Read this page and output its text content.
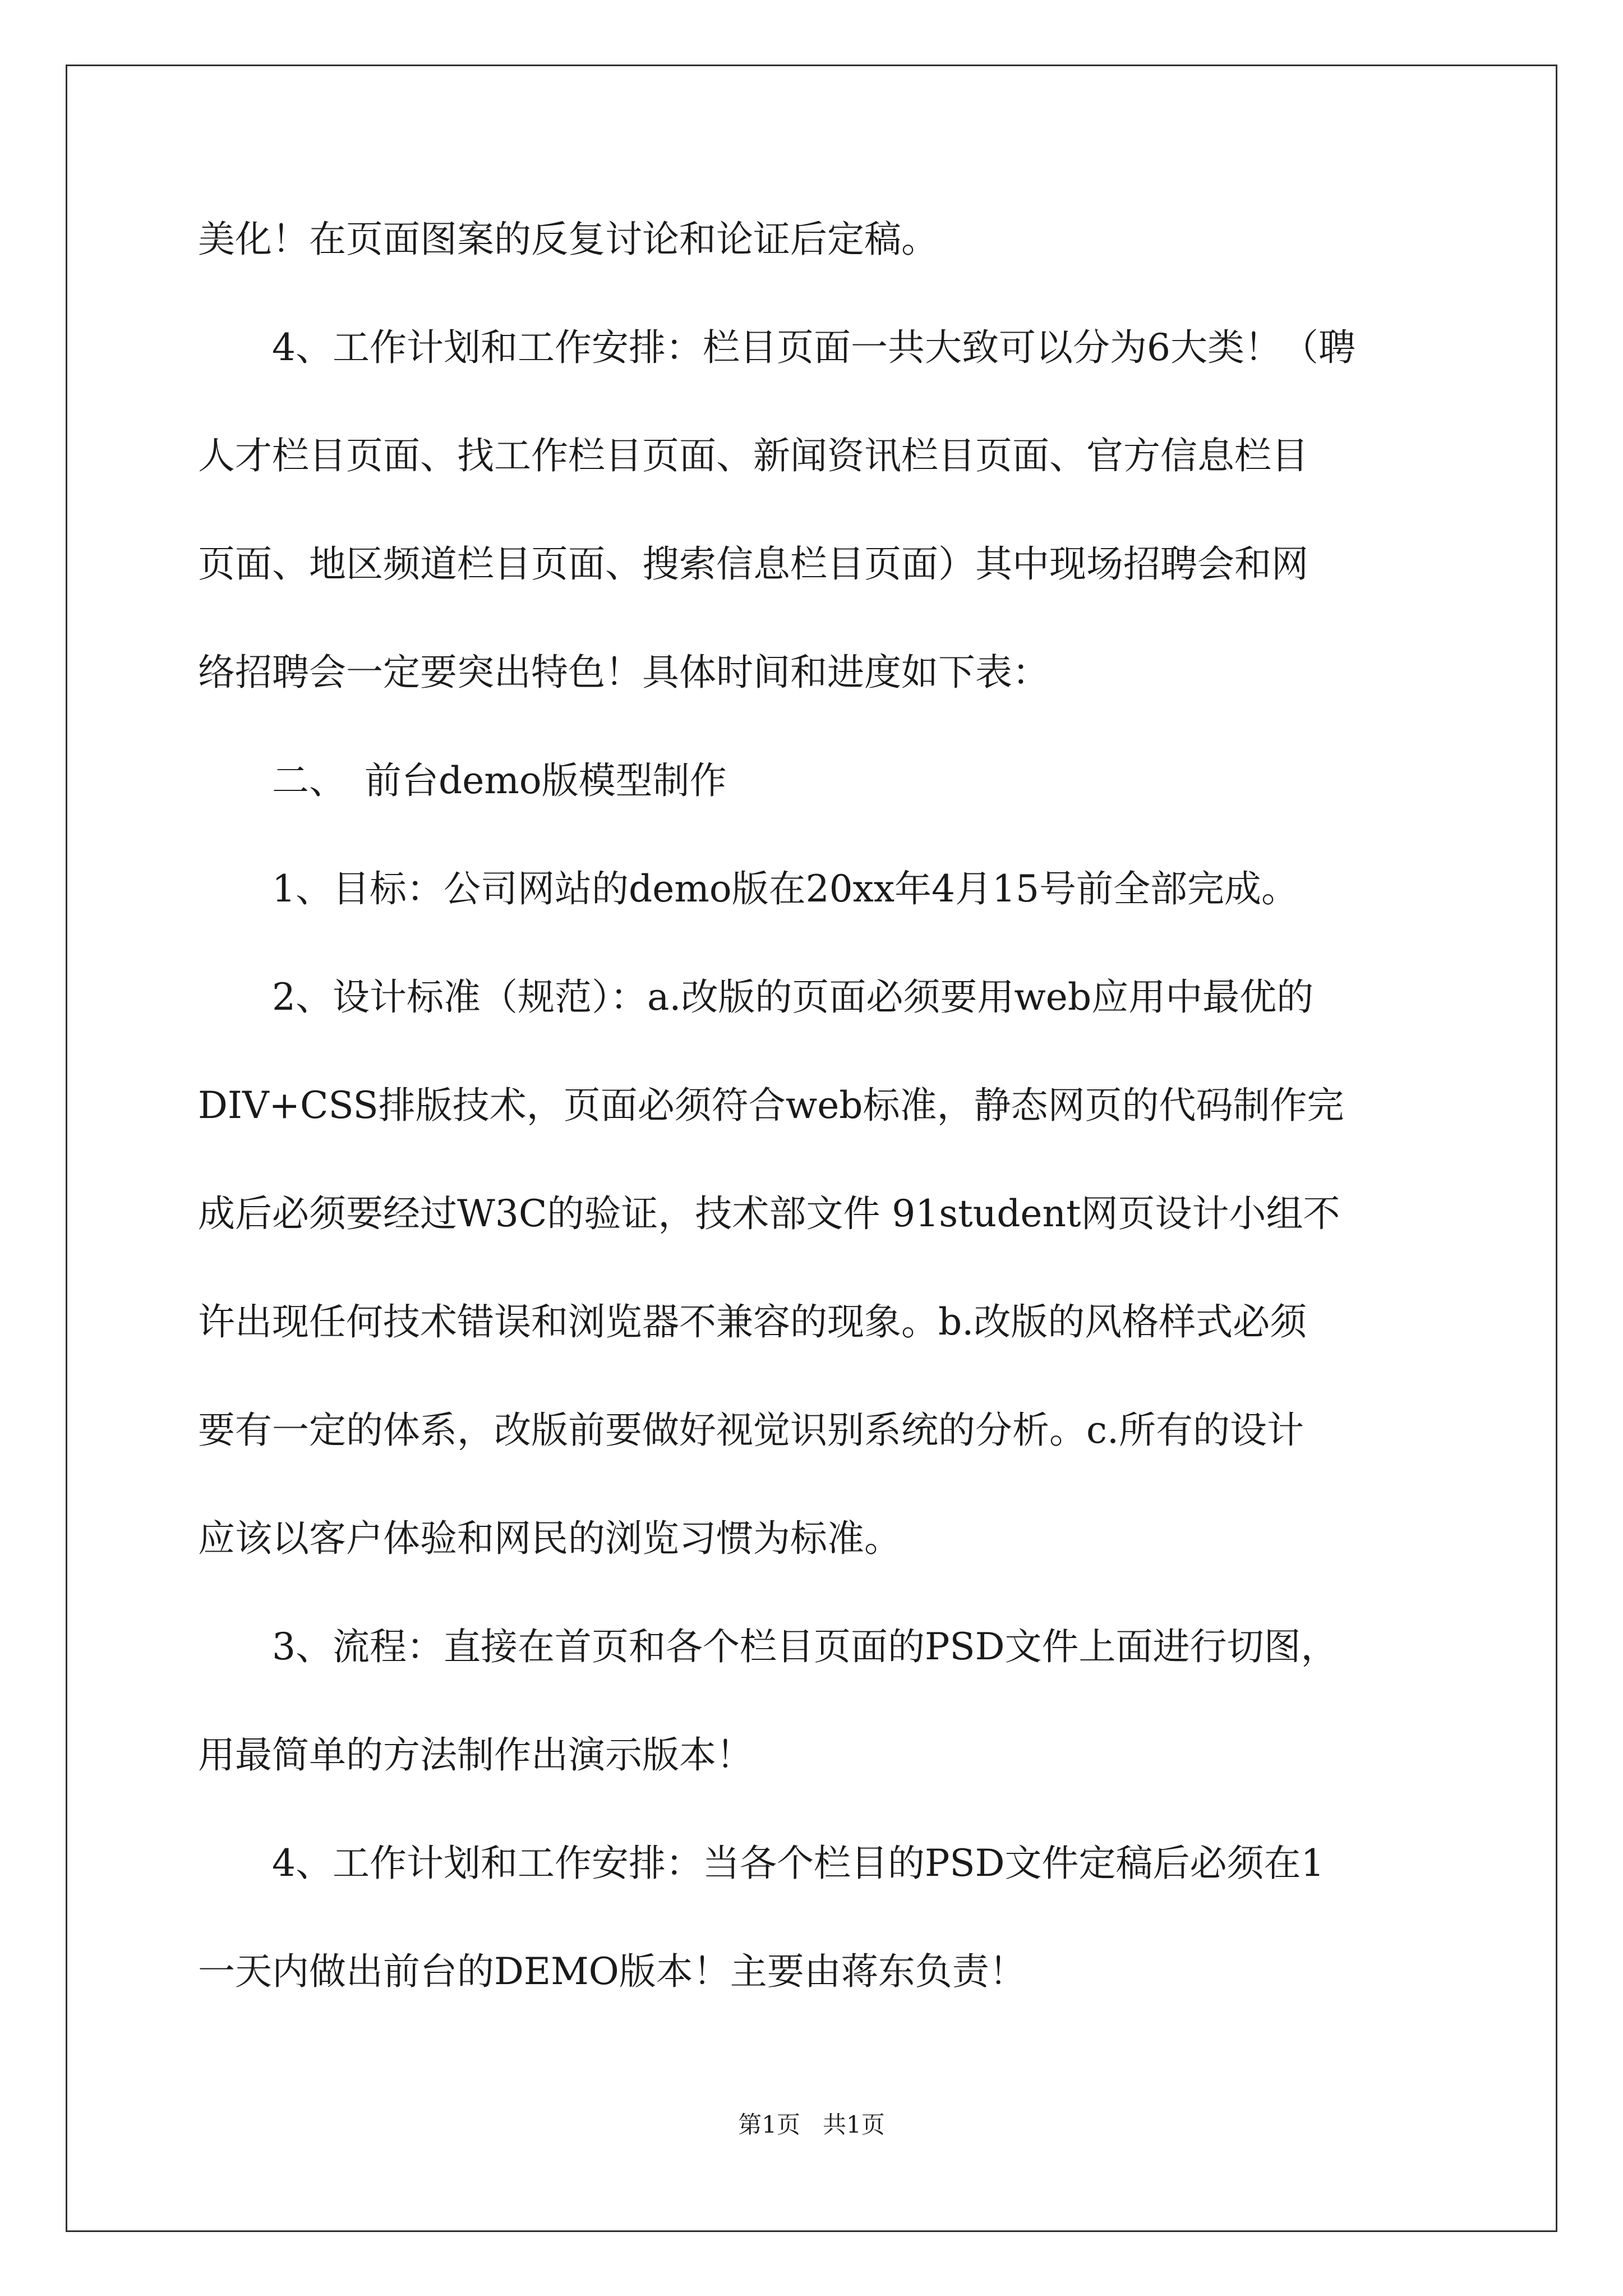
美化！在页面图案的反复讨论和论证后定稿。
　　4、工作计划和工作安排：栏目页面一共大致可以分为6大类！（聘
人才栏目页面、找工作栏目页面、新闻资讯栏目页面、官方信息栏目
页面、地区频道栏目页面、搜索信息栏目页面）其中现场招聘会和网
络招聘会一定要突出特色！具体时间和进度如下表：
　　二、　前台demo版模型制作
　　1、目标：公司网站的demo版在20xx年4月15号前全部完成。
　　2、设计标准（规范）：a.改版的页面必须要用web应用中最优的
DIV+CSS排版技术，页面必须符合web标准，静态网页的代码制作完
成后必须要经过W3C的验证，技术部文件 91student网页设计小组不
许出现任何技术错误和浏览器不兼容的现象。b.改版的风格样式必须
要有一定的体系，改版前要做好视觉识别系统的分析。c.所有的设计
应该以客户体验和网民的浏览习惯为标准。
　　3、流程：直接在首页和各个栏目页面的PSD文件上面进行切图，
用最简单的方法制作出演示版本！
　　4、工作计划和工作安排：当各个栏目的PSD文件定稿后必须在1
一天内做出前台的DEMO版本！主要由蒋东负责！
第1页 共1页
